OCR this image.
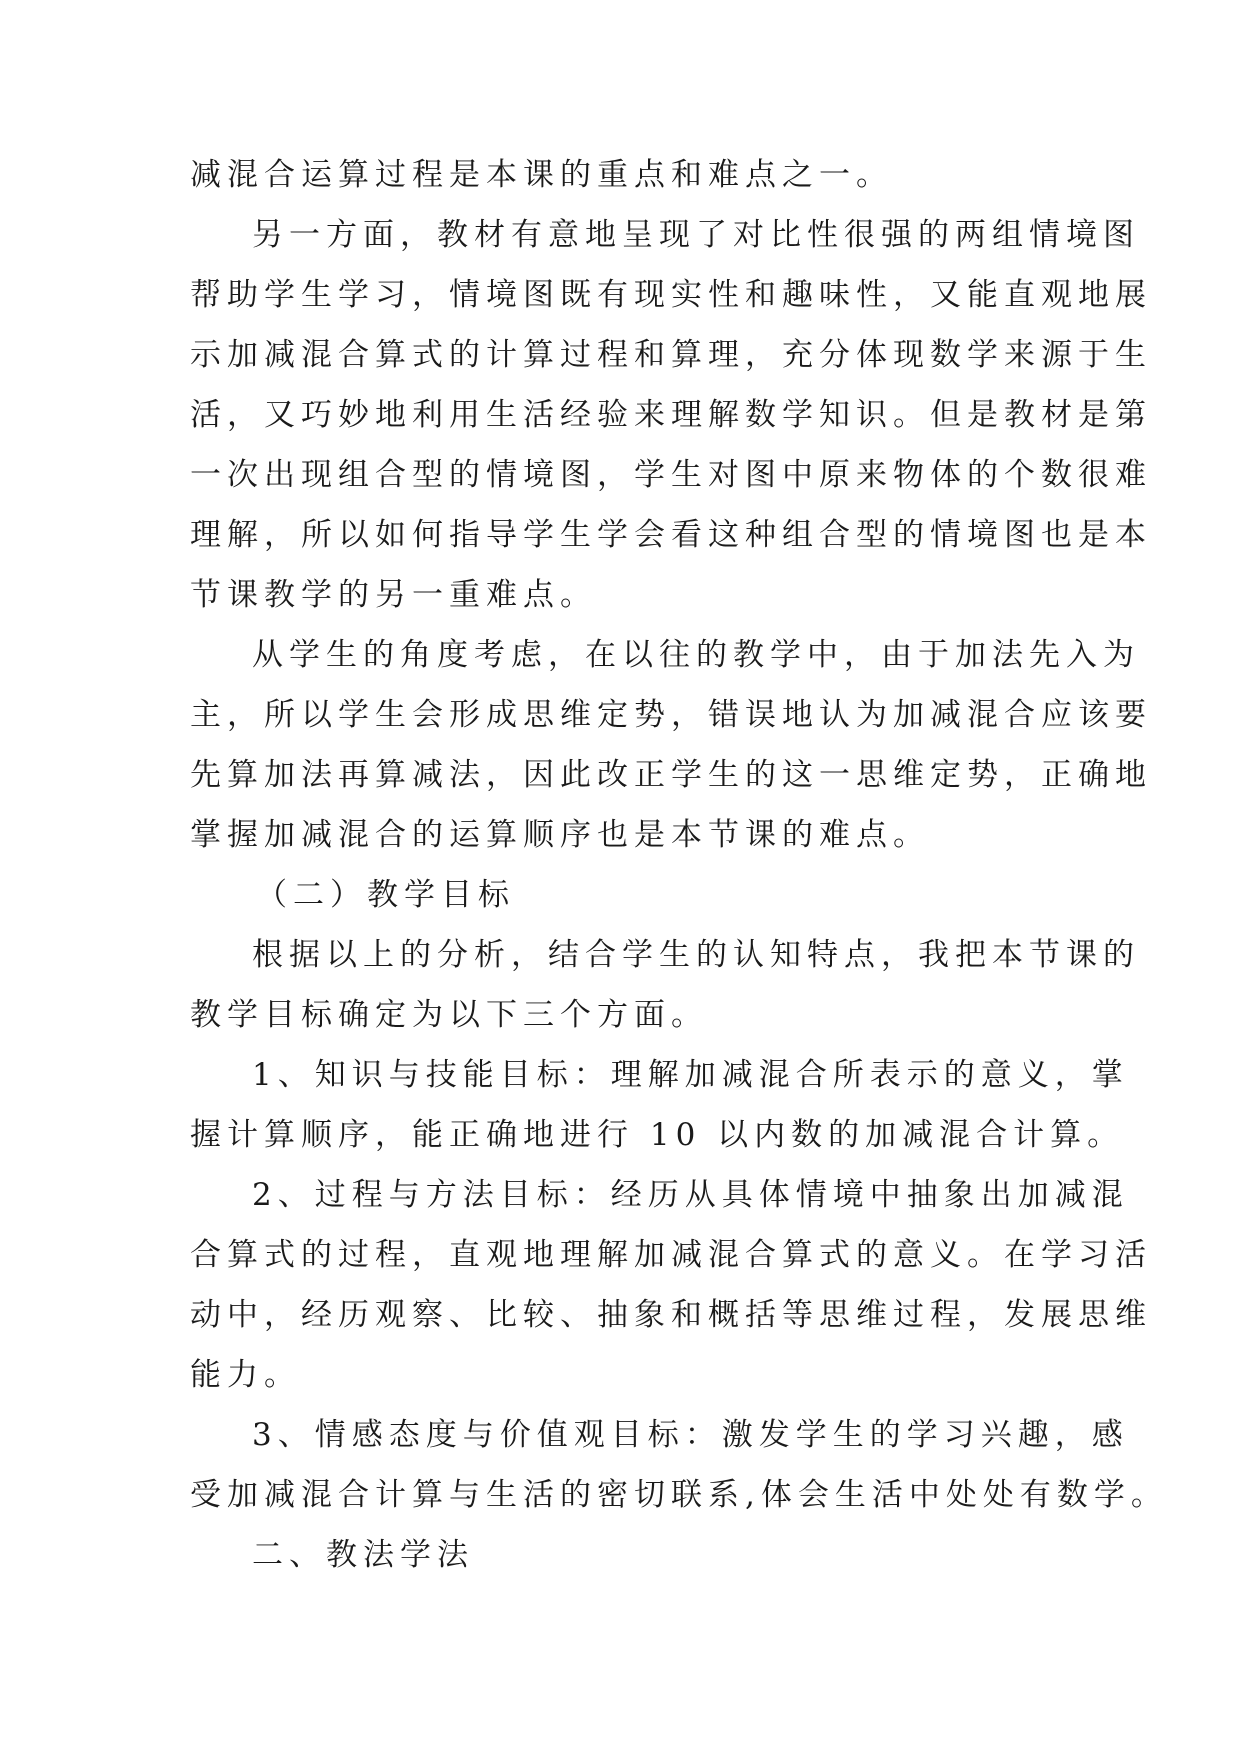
减混合运算过程是本课的重点和难点之一。
另一方面，教材有意地呈现了对比性很强的两组情境图
帮助学生学习，情境图既有现实性和趣味性，又能直观地展
示加减混合算式的计算过程和算理，充分体现数学来源于生
活，又巧妙地利用生活经验来理解数学知识。但是教材是第
一次出现组合型的情境图，学生对图中原来物体的个数很难
理解，所以如何指导学生学会看这种组合型的情境图也是本
节课教学的另一重难点。
从学生的角度考虑，在以往的教学中，由于加法先入为
主，所以学生会形成思维定势，错误地认为加减混合应该要
先算加法再算减法，因此改正学生的这一思维定势，正确地
掌握加减混合的运算顺序也是本节课的难点。
（二）教学目标
根据以上的分析，结合学生的认知特点，我把本节课的
教学目标确定为以下三个方面。
1、知识与技能目标：理解加减混合所表示的意义，掌
握计算顺序，能正确地进行 10 以内数的加减混合计算。
2、过程与方法目标：经历从具体情境中抽象出加减混
合算式的过程，直观地理解加减混合算式的意义。在学习活
动中，经历观察、比较、抽象和概括等思维过程，发展思维
能力。
3、情感态度与价值观目标：激发学生的学习兴趣，感
受加减混合计算与生活的密切联系,体会生活中处处有数学。
二、教法学法
